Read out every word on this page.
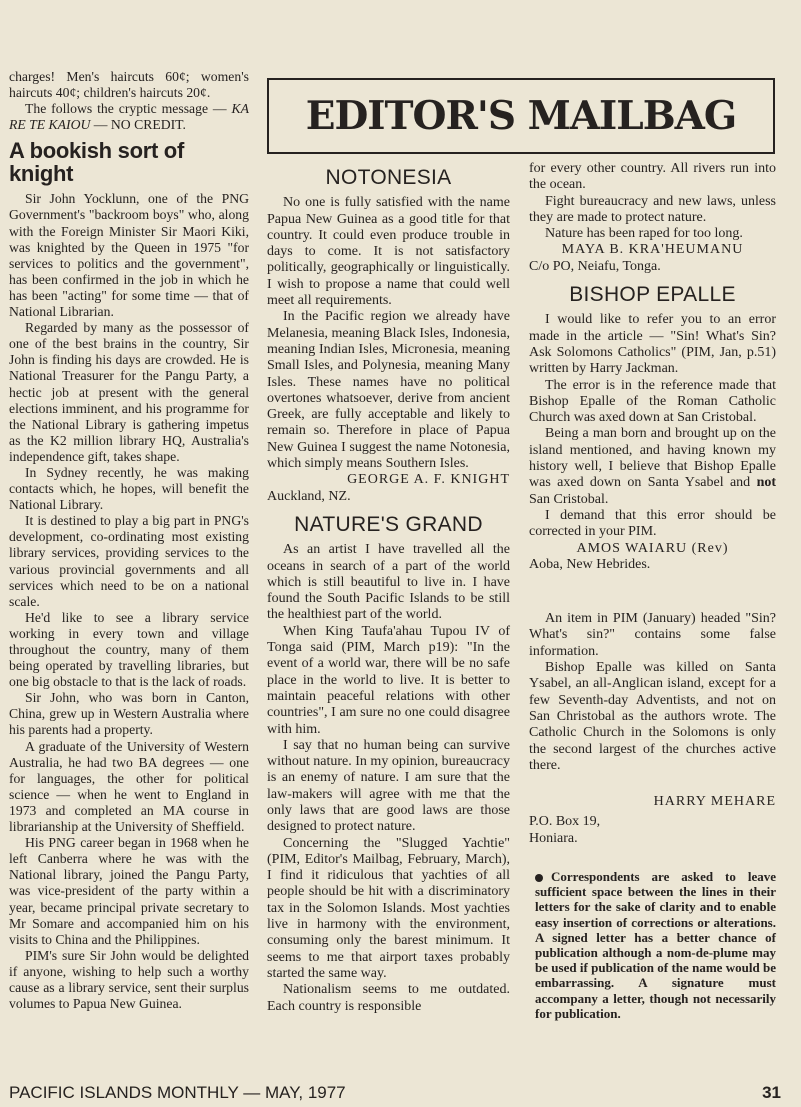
EDITOR'S MAILBAG

charges! Men's haircuts 60¢; women's haircuts 40¢; children's haircuts 20¢.

The follows the cryptic message — KA RE TE KAIOU — NO CREDIT.

A bookish sort of knight

Sir John Yocklunn, one of the PNG Government's "backroom boys" who, along with the Foreign Minister Sir Maori Kiki, was knighted by the Queen in 1975 "for services to politics and the government", has been confirmed in the job in which he has been "acting" for some time — that of National Librarian.

Regarded by many as the possessor of one of the best brains in the country, Sir John is finding his days are crowded. He is National Treasurer for the Pangu Party, a hectic job at present with the general elections imminent, and his programme for the National Library is gathering impetus as the K2 million library HQ, Australia's independence gift, takes shape.

In Sydney recently, he was making contacts which, he hopes, will benefit the National Library.

It is destined to play a big part in PNG's development, co-ordinating most existing library services, providing services to the various provincial governments and all services which need to be on a national scale.

He'd like to see a library service working in every town and village throughout the country, many of them being operated by travelling libraries, but one big obstacle to that is the lack of roads.

Sir John, who was born in Canton, China, grew up in Western Australia where his parents had a property.

A graduate of the University of Western Australia, he had two BA degrees — one for languages, the other for political science — when he went to England in 1973 and completed an MA course in librarianship at the University of Sheffield.

His PNG career began in 1968 when he left Canberra where he was with the National library, joined the Pangu Party, was vice-president of the party within a year, became principal private secretary to Mr Somare and accompanied him on his visits to China and the Philippines.

PIM's sure Sir John would be delighted if anyone, wishing to help such a worthy cause as a library service, sent their surplus volumes to Papua New Guinea.

NOTONESIA

No one is fully satisfied with the name Papua New Guinea as a good title for that country. It could even produce trouble in days to come. It is not satisfactory politically, geographically or linguistically. I wish to propose a name that could well meet all requirements.

In the Pacific region we already have Melanesia, meaning Black Isles, Indonesia, meaning Indian Isles, Micronesia, meaning Small Isles, and Polynesia, meaning Many Isles. These names have no political overtones whatsoever, derive from ancient Greek, are fully acceptable and likely to remain so. Therefore in place of Papua New Guinea I suggest the name Notonesia, which simply means Southern Isles.

GEORGE A. F. KNIGHT

Auckland, NZ.

NATURE'S GRAND

As an artist I have travelled all the oceans in search of a part of the world which is still beautiful to live in. I have found the South Pacific Islands to be still the healthiest part of the world.

When King Taufa'ahau Tupou IV of Tonga said (PIM, March p19): "In the event of a world war, there will be no safe place in the world to live. It is better to maintain peaceful relations with other countries", I am sure no one could disagree with him.

I say that no human being can survive without nature. In my opinion, bureaucracy is an enemy of nature. I am sure that the law-makers will agree with me that the only laws that are good laws are those designed to protect nature.

Concerning the "Slugged Yachtie" (PIM, Editor's Mailbag, February, March), I find it ridiculous that yachties of all people should be hit with a discriminatory tax in the Solomon Islands. Most yachties live in harmony with the environment, consuming only the barest minimum. It seems to me that airport taxes probably started the same way.

Nationalism seems to me outdated. Each country is responsible

for every other country. All rivers run into the ocean.

Fight bureaucracy and new laws, unless they are made to protect nature.

Nature has been raped for too long.

MAYA B. KRA'HEUMANU

C/o PO, Neiafu, Tonga.

BISHOP EPALLE

I would like to refer you to an error made in the article — "Sin! What's Sin? Ask Solomons Catholics" (PIM, Jan, p.51) written by Harry Jackman.

The error is in the reference made that Bishop Epalle of the Roman Catholic Church was axed down at San Cristobal.

Being a man born and brought up on the island mentioned, and having known my history well, I believe that Bishop Epalle was axed down on Santa Ysabel and not San Cristobal.

I demand that this error should be corrected in your PIM.

AMOS WAIARU (Rev)

Aoba, New Hebrides.

An item in PIM (January) headed "Sin? What's sin?" contains some false information.

Bishop Epalle was killed on Santa Ysabel, an all-Anglican island, except for a few Seventh-day Adventists, and not on San Christobal as the authors wrote. The Catholic Church in the Solomons is only the second largest of the churches active there.

HARRY MEHARE

P.O. Box 19,

Honiara.

Correspondents are asked to leave sufficient space between the lines in their letters for the sake of clarity and to enable easy insertion of corrections or alterations. A signed letter has a better chance of publication although a nom-de-plume may be used if publication of the name would be embarrassing. A signature must accompany a letter, though not necessarily for publication.

PACIFIC ISLANDS MONTHLY — MAY, 1977	31
